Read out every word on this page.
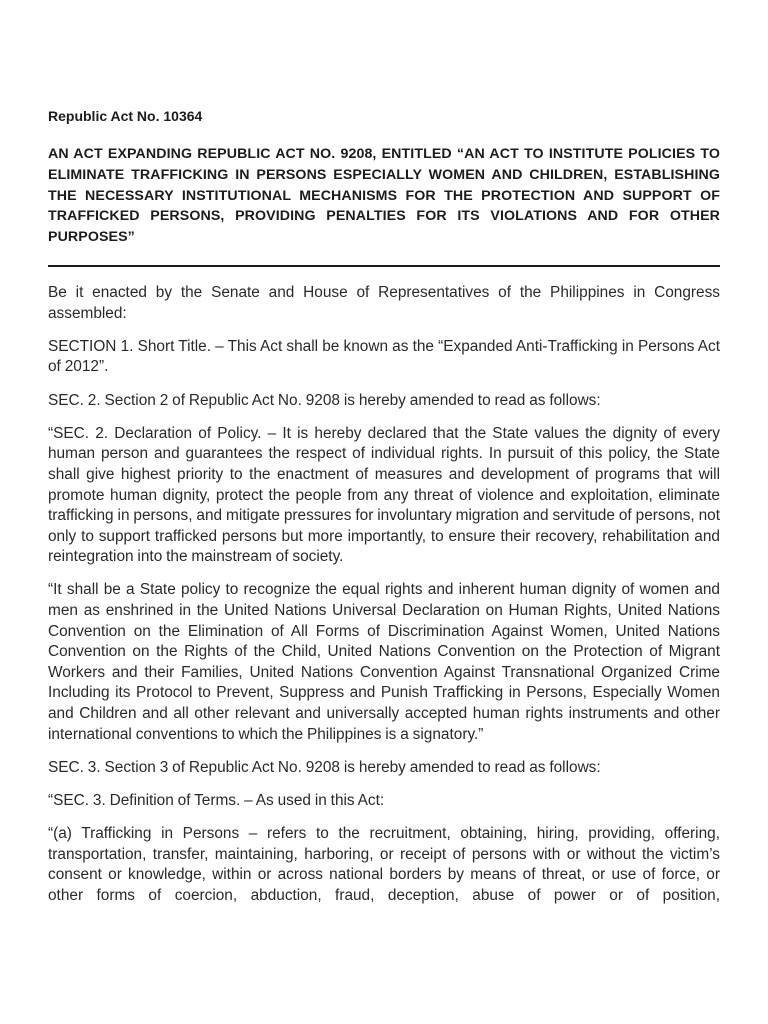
Republic Act No. 10364

AN ACT EXPANDING REPUBLIC ACT NO. 9208, ENTITLED “AN ACT TO INSTITUTE POLICIES TO ELIMINATE TRAFFICKING IN PERSONS ESPECIALLY WOMEN AND CHILDREN, ESTABLISHING THE NECESSARY INSTITUTIONAL MECHANISMS FOR THE PROTECTION AND SUPPORT OF TRAFFICKED PERSONS, PROVIDING PENALTIES FOR ITS VIOLATIONS AND FOR OTHER PURPOSES”

Be it enacted by the Senate and House of Representatives of the Philippines in Congress assembled:

SECTION 1. Short Title. – This Act shall be known as the “Expanded Anti-Trafficking in Persons Act of 2012”.

SEC. 2. Section 2 of Republic Act No. 9208 is hereby amended to read as follows:

“SEC. 2. Declaration of Policy. – It is hereby declared that the State values the dignity of every human person and guarantees the respect of individual rights. In pursuit of this policy, the State shall give highest priority to the enactment of measures and development of programs that will promote human dignity, protect the people from any threat of violence and exploitation, eliminate trafficking in persons, and mitigate pressures for involuntary migration and servitude of persons, not only to support trafficked persons but more importantly, to ensure their recovery, rehabilitation and reintegration into the mainstream of society.

“It shall be a State policy to recognize the equal rights and inherent human dignity of women and men as enshrined in the United Nations Universal Declaration on Human Rights, United Nations Convention on the Elimination of All Forms of Discrimination Against Women, United Nations Convention on the Rights of the Child, United Nations Convention on the Protection of Migrant Workers and their Families, United Nations Convention Against Transnational Organized Crime Including its Protocol to Prevent, Suppress and Punish Trafficking in Persons, Especially Women and Children and all other relevant and universally accepted human rights instruments and other international conventions to which the Philippines is a signatory.”

SEC. 3. Section 3 of Republic Act No. 9208 is hereby amended to read as follows:

“SEC. 3. Definition of Terms. – As used in this Act:

“(a) Trafficking in Persons – refers to the recruitment, obtaining, hiring, providing, offering, transportation, transfer, maintaining, harboring, or receipt of persons with or without the victim’s consent or knowledge, within or across national borders by means of threat, or use of force, or other forms of coercion, abduction, fraud, deception, abuse of power or of position,
